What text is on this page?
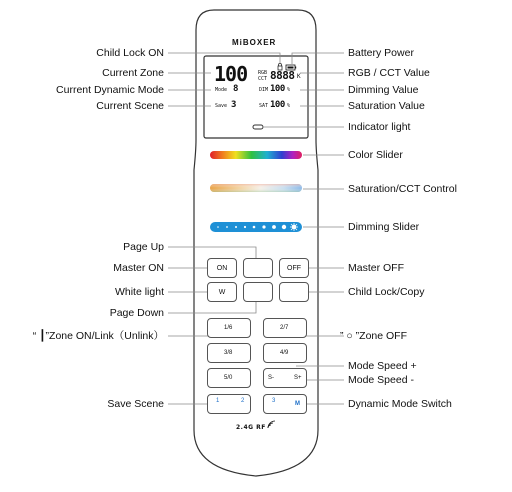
MiBOXER
100 RGB
CCT 8888 K
Mode 8	DIM 100 %
Save 3	SAT 100 %
ON	OFF
W
1/6	2/7
3/8	4/9
5/0	S-	S+
1	2	3	M
2.4G RF
Child Lock ON
Current Zone
Current Dynamic Mode
Current Scene
Page Up
Master ON
White light
Page Down
“ ┃”Zone ON/Link（Unlink）
Save Scene
Battery Power
RGB / CCT Value
Dimming Value
Saturation Value
Indicator light
Color Slider
Saturation/CCT Control
Dimming Slider
Master OFF
Child Lock/Copy
” ○ ”Zone OFF
Mode Speed +
Mode Speed -
Dynamic Mode Switch
